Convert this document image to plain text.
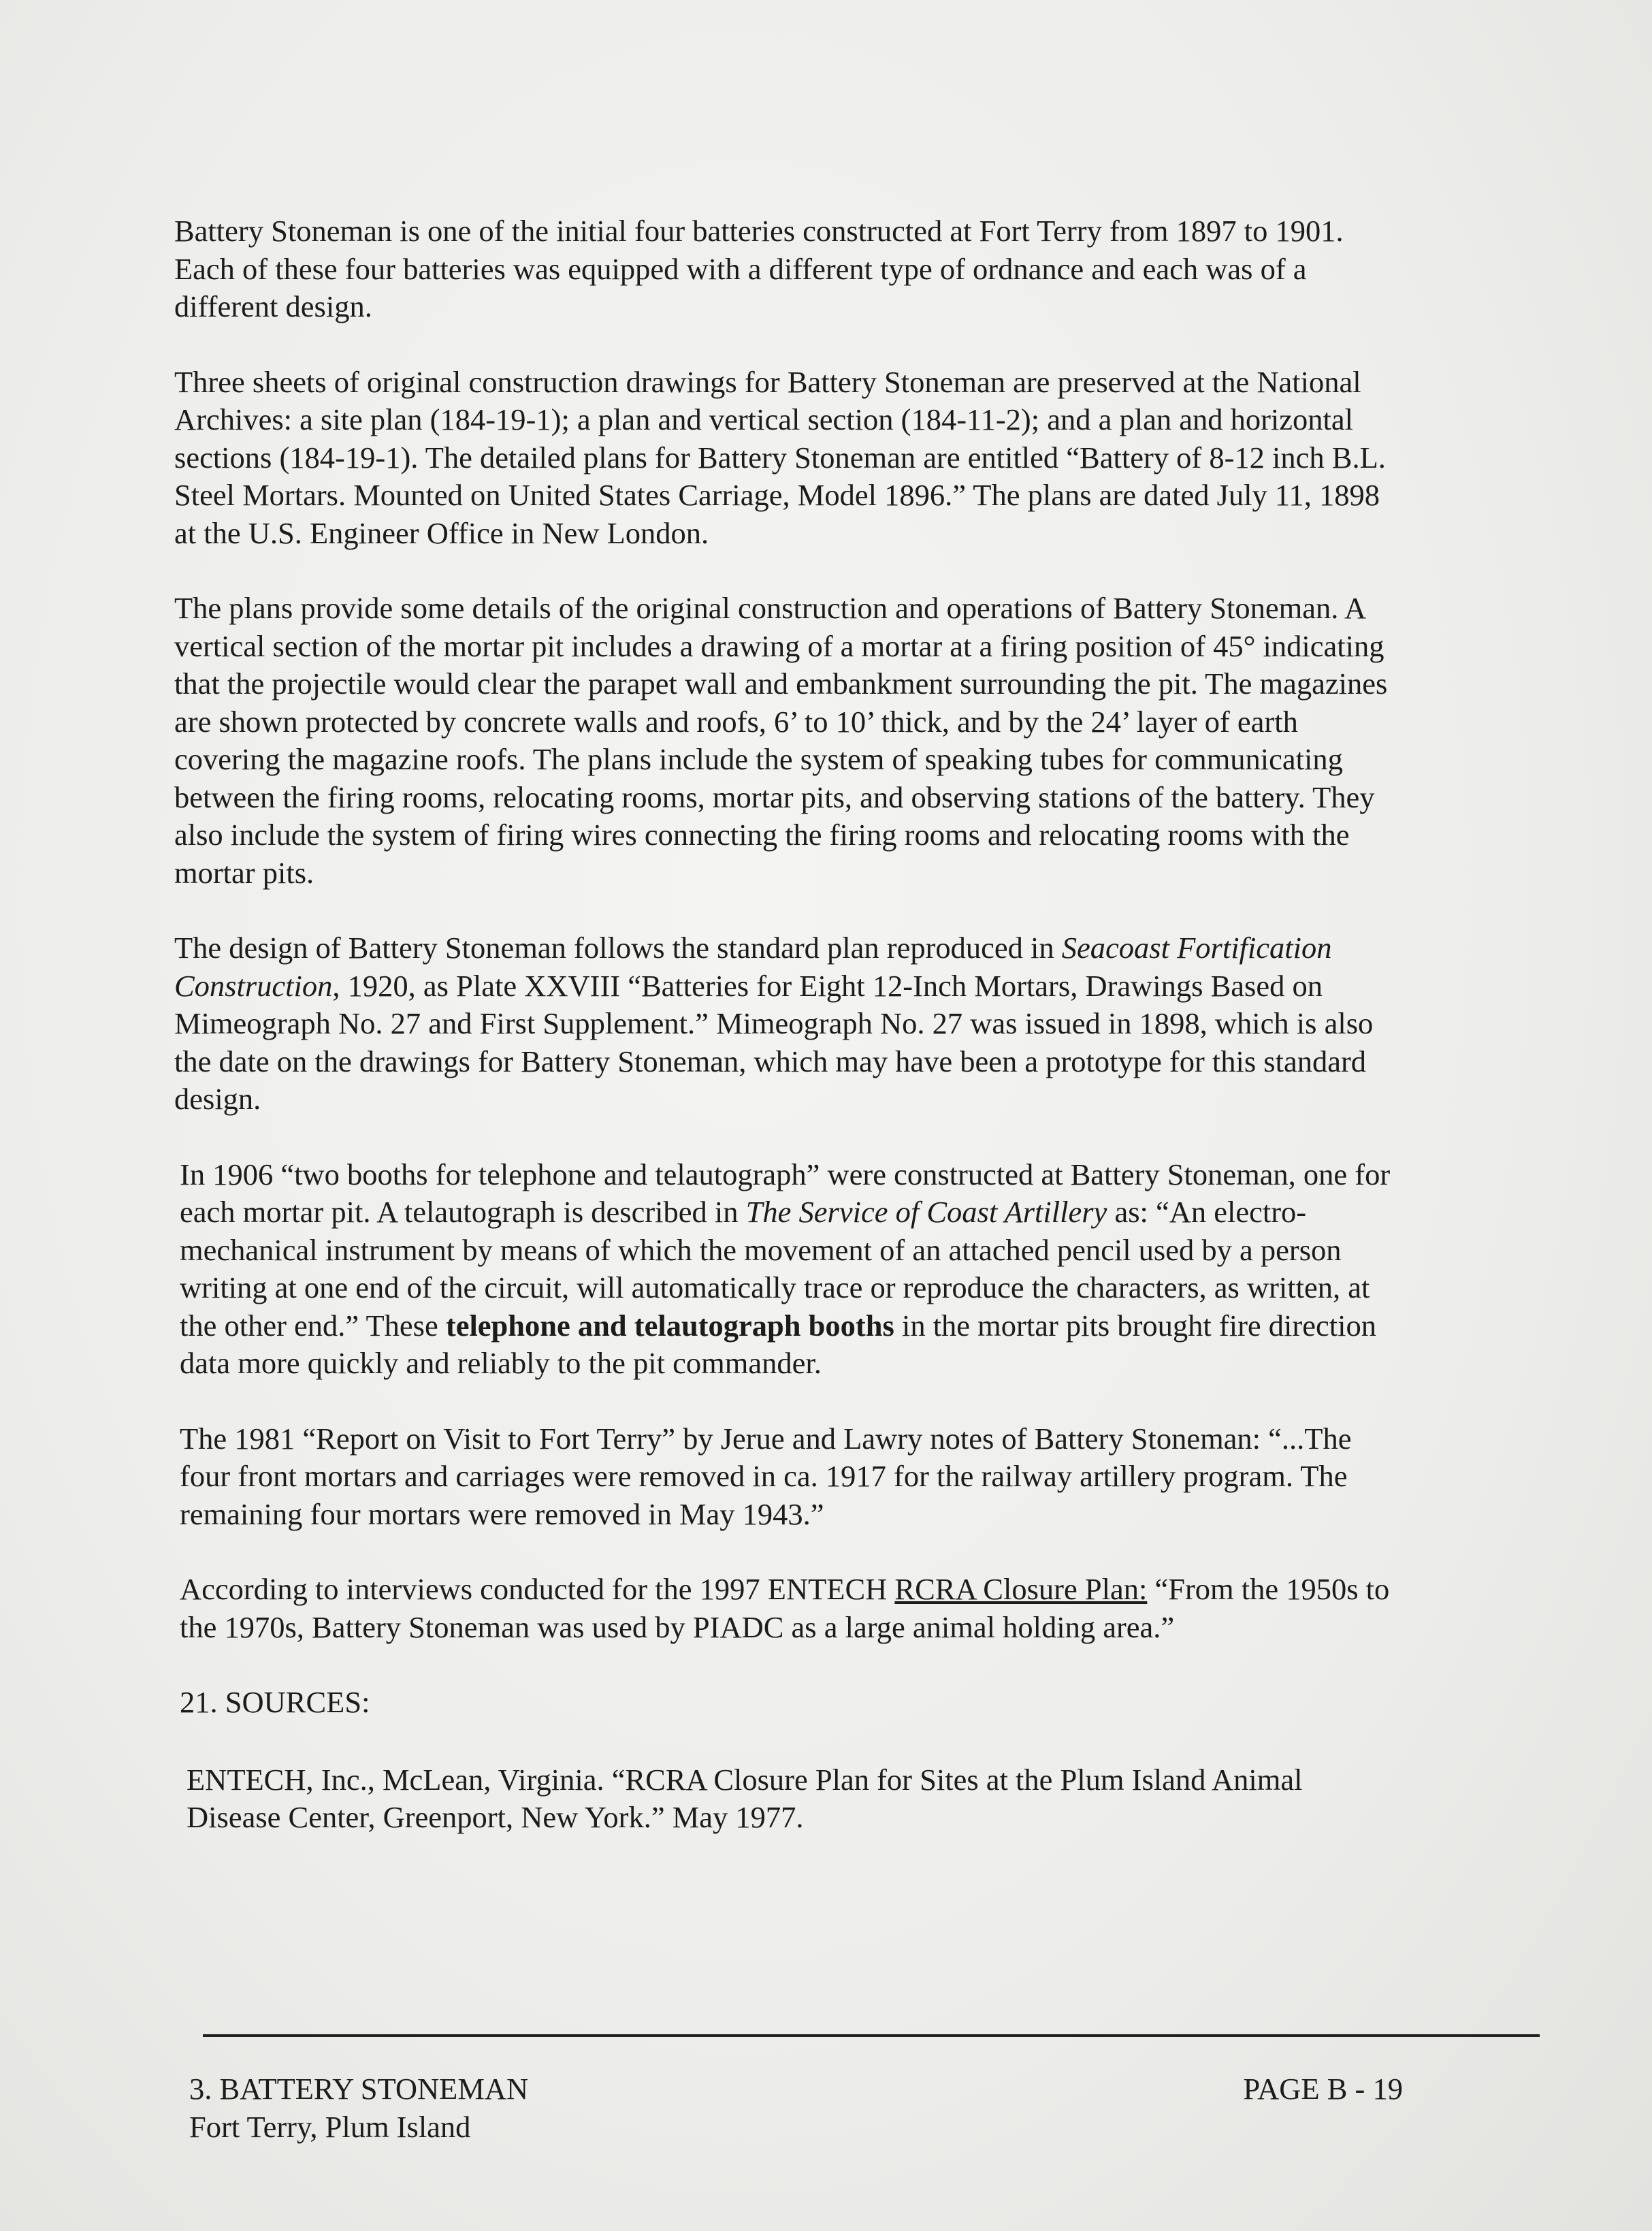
Battery Stoneman is one of the initial four batteries constructed at Fort Terry from 1897 to 1901. Each of these four batteries was equipped with a different type of ordnance and each was of a different design.

Three sheets of original construction drawings for Battery Stoneman are preserved at the National Archives: a site plan (184-19-1); a plan and vertical section (184-11-2); and a plan and horizontal sections (184-19-1). The detailed plans for Battery Stoneman are entitled “Battery of 8-12 inch B.L. Steel Mortars. Mounted on United States Carriage, Model 1896.” The plans are dated July 11, 1898 at the U.S. Engineer Office in New London.

The plans provide some details of the original construction and operations of Battery Stoneman. A vertical section of the mortar pit includes a drawing of a mortar at a firing position of 45° indicating that the projectile would clear the parapet wall and embankment surrounding the pit. The magazines are shown protected by concrete walls and roofs, 6’ to 10’ thick, and by the 24’ layer of earth covering the magazine roofs. The plans include the system of speaking tubes for communicating between the firing rooms, relocating rooms, mortar pits, and observing stations of the battery. They also include the system of firing wires connecting the firing rooms and relocating rooms with the mortar pits.

The design of Battery Stoneman follows the standard plan reproduced in Seacoast Fortification Construction, 1920, as Plate XXVIII “Batteries for Eight 12-Inch Mortars, Drawings Based on Mimeograph No. 27 and First Supplement.” Mimeograph No. 27 was issued in 1898, which is also the date on the drawings for Battery Stoneman, which may have been a prototype for this standard design.

In 1906 “two booths for telephone and telautograph” were constructed at Battery Stoneman, one for each mortar pit. A telautograph is described in The Service of Coast Artillery as: “An electro-mechanical instrument by means of which the movement of an attached pencil used by a person writing at one end of the circuit, will automatically trace or reproduce the characters, as written, at the other end.” These telephone and telautograph booths in the mortar pits brought fire direction data more quickly and reliably to the pit commander.

The 1981 “Report on Visit to Fort Terry” by Jerue and Lawry notes of Battery Stoneman: “...The four front mortars and carriages were removed in ca. 1917 for the railway artillery program. The remaining four mortars were removed in May 1943.”

According to interviews conducted for the 1997 ENTECH RCRA Closure Plan: “From the 1950s to the 1970s, Battery Stoneman was used by PIADC as a large animal holding area.”

21. SOURCES:

ENTECH, Inc., McLean, Virginia. “RCRA Closure Plan for Sites at the Plum Island Animal Disease Center, Greenport, New York.” May 1977.

3. BATTERY STONEMAN
Fort Terry, Plum Island
PAGE B - 19
